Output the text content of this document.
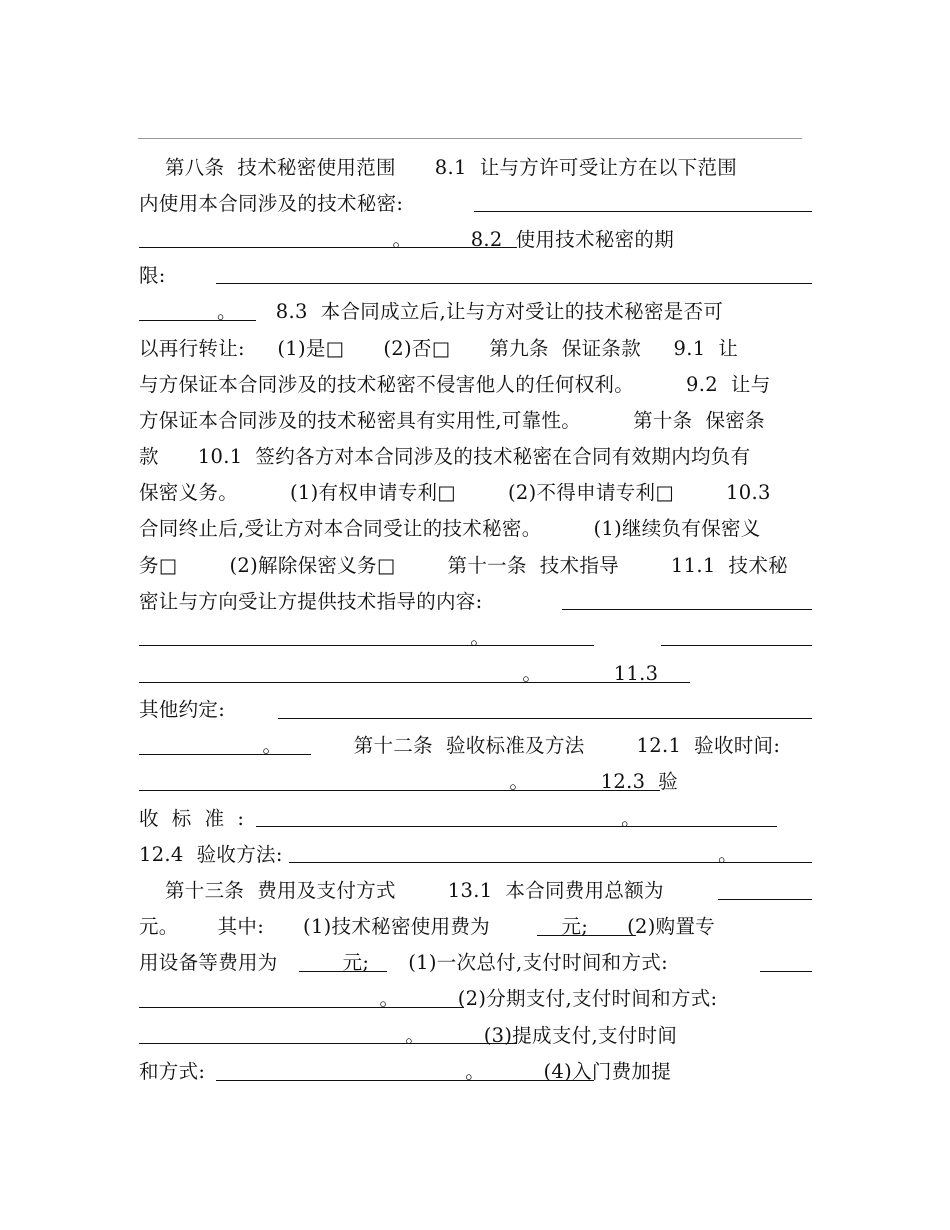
第八条  技术秘密使用范围      8.1  让与方许可受让方在以下范围
内使用本合同涉及的技术秘密:
。         8.2  使用技术秘密的期
限:
。      8.3  本合同成立后,让与方对受让的技术秘密是否可
以再行转让:     (1)是□      (2)否□      第九条  保证条款     9.1  让
与方保证本合同涉及的技术秘密不侵害他人的任何权利。        9.2  让与
方保证本合同涉及的技术秘密具有实用性,可靠性。        第十条  保密条
款      10.1  签约各方对本合同涉及的技术秘密在合同有效期内均负有
保密义务。        (1)有权申请专利□        (2)不得申请专利□        10.3
合同终止后,受让方对本合同受让的技术秘密。        (1)继续负有保密义
务□        (2)解除保密义务□        第十一条  技术指导        11.1  技术秘
密让与方向受让方提供技术指导的内容:
。
。           11.3
其他约定:
。           第十二条  验收标准及方法        12.1  验收时间:
。           12.3  验
收  标  准  :                                                          。
12.4  验收方法:                                                                   。
第十三条  费用及支付方式        13.1  本合同费用总额为
元。      其中:      (1)技术秘密使用费为           元;      (2)购置专
用设备等费用为          元;      (1)一次总付,支付时间和方式:
。         (2)分期支付,支付时间和方式:
。         (3)提成支付,支付时间
和方式:                                        。         (4)入门费加提
